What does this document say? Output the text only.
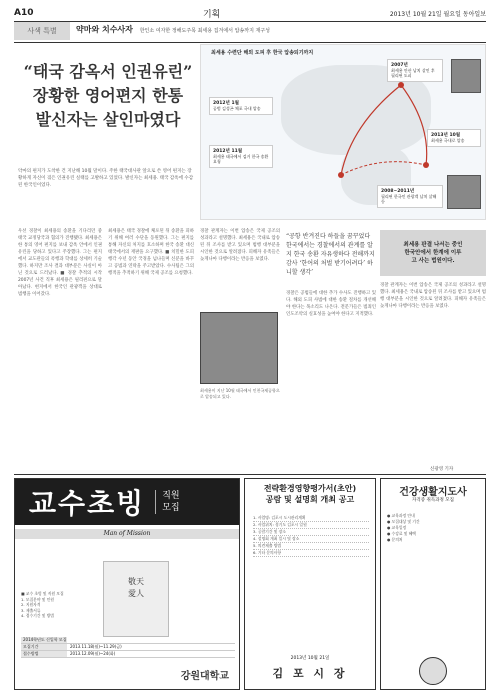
A10	기획	2013년 10월 21일 월요일 동아일보
사색 특별	약마와 치수사자 한인소 여자한 정해도주목 최세용 집겨에서 압송까지 재구성
“태국 감옥서 인권유린”
장황한 영어편지 한통
발신자는 살인마였다
악마의 편지가 도착한 건 지난해 10월 말이다. 주한 태국대사관 앞으로 쓴 영어 편지는 장황하게 자신이 겪은 인권유린 실태를 고발하고 있었다. 발신자는 최세용. 태국 감옥에 수감된 한국인이었다.
최세용 수련단 해외 도피 후 한국 압송되기까지
2007년
최세용 안산 납치 살인 후 필리핀 도피
2012년 1월
공범 김성곤 체포 국내 압송
2012년 11월
최세용 태국에서 검거 한국 송환 요청
2013년 10월
최세용 국내로 압송
2008~2011년
필리핀 한국인 관광객 납치 살해 등
우선 경찰이 최세용의 송환을 기다리던 중 태국 교정당국과 협의가 진행됐다. 최세용은 한 통의 영어 편지를 보내 감옥 안에서 인권유린을 당하고 있다고 주장했다. 그는 편지에서 교도관들의 폭행과 학대를 상세히 기술했다. 하지만 조사 결과 대부분은 사실이 아닌 것으로 드러났다. ■ 경찰 추적의 시작 2007년 사건 직후 최세용은 필리핀으로 달아났다. 현지에서 한국인 관광객을 상대로 범행을 이어갔다.
최세용은 태국 경찰에 체포된 뒤 송환을 피하기 위해 여러 수단을 동원했다. 그는 편지를 통해 자신의 처지를 호소하며 한국 송환 대신 태국에서의 재판을 요구했다. ■ 치밀한 도피 행각 수년 동안 국경을 넘나들며 신분을 바꾸고 공범과 연락을 주고받았다. 수사팀은 그의 행적을 추적하기 위해 국제 공조를 요청했다.
경찰 관계자는 이번 압송은 국제 공조의 성과라고 설명했다. 최세용은 국내로 압송된 뒤 조사를 받고 있으며 범행 대부분을 시인한 것으로 알려졌다. 피해자 유족들은 늦게나마 다행이라는 반응을 보였다.
“공항 반겨진다 하들을 꿈꾸었다 한국에서는 경찰에서의 관계를 알지 한국 송환 자유생하다 전해까지 감사 ‘한어의 처벌 받기어려다’ 하니할 생각’
경찰은 공범들에 대한 추가 수사도 진행하고 있다. 해외 도피 사범에 대한 송환 절차를 개선해야 한다는 목소리도 나온다. 전문가들은 범죄인 인도조약의 실효성을 높여야 한다고 지적했다.
경찰 관계자는 이번 압송은 국제 공조의 성과라고 설명했다. 최세용은 국내로 압송된 뒤 조사를 받고 있으며 범행 대부분을 시인한 것으로 알려졌다. 피해자 유족들은 늦게나마 다행이라는 반응을 보였다.
최세용이 지난 10월 태국에서 인천국제공항으로 압송되고 있다.
최세용 판결 나서는 중인
한국안에서 한계에 이루
고 사는 법원이다.
신광영 기자
교수초빙 직원
모집
Man of Mission
■ 교수 초빙 및 직원 모집
1. 모집분야 및 인원
2. 지원자격
3. 제출서류
4. 접수기간 및 방법
敬天
愛人
2014학년도 신입학 모집
모집기간	2013.11.18(월)~11.29(금)
접수방법	2013.12.09(월)~24(화)
강원대학교
전략환경영향평가서(초안)
공람 및 설명회 개최 공고
1. 사업명: 김포시 도시관리계획
2. 사업위치: 경기도 김포시 일원
3. 공람기간 및 장소
4. 설명회 개최 일시 및 장소
5. 의견제출 방법
6. 기타 문의사항
2013년 10월 21일
김 포 시 장
건강생활지도사
자격증 취득과정 모집
● 교육과정 안내
● 모집대상 및 기간
● 교육일정
● 수강료 및 혜택
● 문의처
